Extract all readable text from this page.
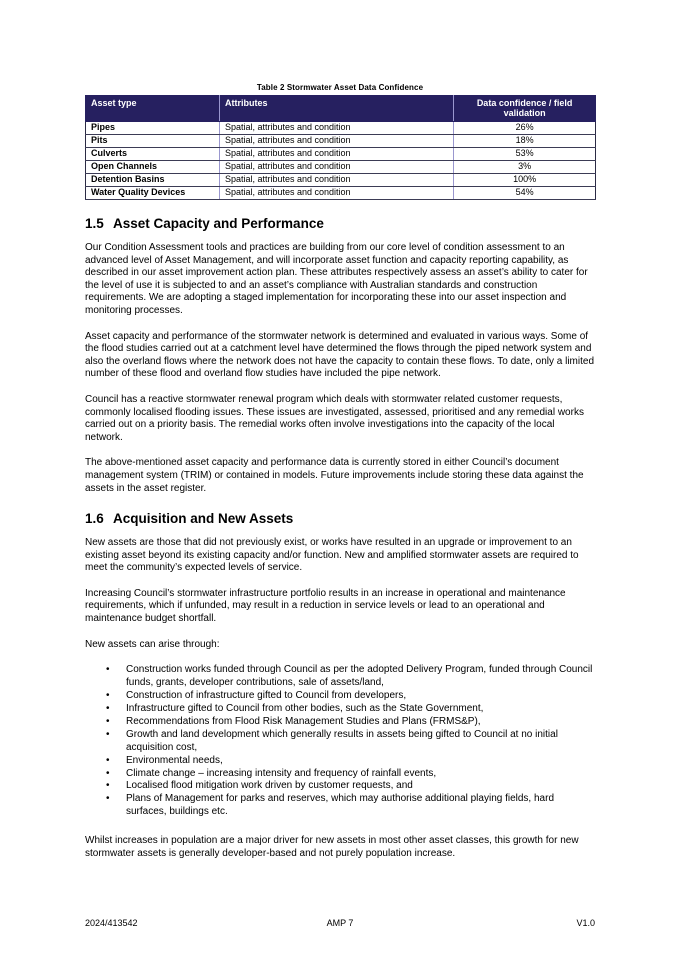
Table 2 Stormwater Asset Data Confidence
Asset type	Attributes	Data confidence / field validation
Pipes	Spatial, attributes and condition	26%
Pits	Spatial, attributes and condition	18%
Culverts	Spatial, attributes and condition	53%
Open Channels	Spatial, attributes and condition	3%
Detention Basins	Spatial, attributes and condition	100%
Water Quality Devices	Spatial, attributes and condition	54%
1.5 Asset Capacity and Performance

Our Condition Assessment tools and practices are building from our core level of condition assessment to an advanced level of Asset Management, and will incorporate asset function and capacity reporting capability, as described in our asset improvement action plan. These attributes respectively assess an asset’s ability to cater for the level of use it is subjected to and an asset’s compliance with Australian standards and construction requirements. We are adopting a staged implementation for incorporating these into our asset inspection and monitoring processes.

Asset capacity and performance of the stormwater network is determined and evaluated in various ways. Some of the flood studies carried out at a catchment level have determined the flows through the piped network system and also the overland flows where the network does not have the capacity to contain these flows. To date, only a limited number of these flood and overland flow studies have included the pipe network.

Council has a reactive stormwater renewal program which deals with stormwater related customer requests, commonly localised flooding issues. These issues are investigated, assessed, prioritised and any remedial works carried out on a priority basis. The remedial works often involve investigations into the capacity of the local network.

The above-mentioned asset capacity and performance data is currently stored in either Council’s document management system (TRIM) or contained in models. Future improvements include storing these data against the assets in the asset register.

1.6 Acquisition and New Assets

New assets are those that did not previously exist, or works have resulted in an upgrade or improvement to an existing asset beyond its existing capacity and/or function. New and amplified stormwater assets are required to meet the community’s expected levels of service.

Increasing Council’s stormwater infrastructure portfolio results in an increase in operational and maintenance requirements, which if unfunded, may result in a reduction in service levels or lead to an operational and maintenance budget shortfall.

New assets can arise through:

• Construction works funded through Council as per the adopted Delivery Program, funded through Council funds, grants, developer contributions, sale of assets/land,
• Construction of infrastructure gifted to Council from developers,
• Infrastructure gifted to Council from other bodies, such as the State Government,
• Recommendations from Flood Risk Management Studies and Plans (FRMS&P),
• Growth and land development which generally results in assets being gifted to Council at no initial acquisition cost,
• Environmental needs,
• Climate change – increasing intensity and frequency of rainfall events,
• Localised flood mitigation work driven by customer requests, and
• Plans of Management for parks and reserves, which may authorise additional playing fields, hard surfaces, buildings etc.

Whilst increases in population are a major driver for new assets in most other asset classes, this growth for new stormwater assets is generally developer-based and not purely population increase.

2024/413542	AMP 7	V1.0
